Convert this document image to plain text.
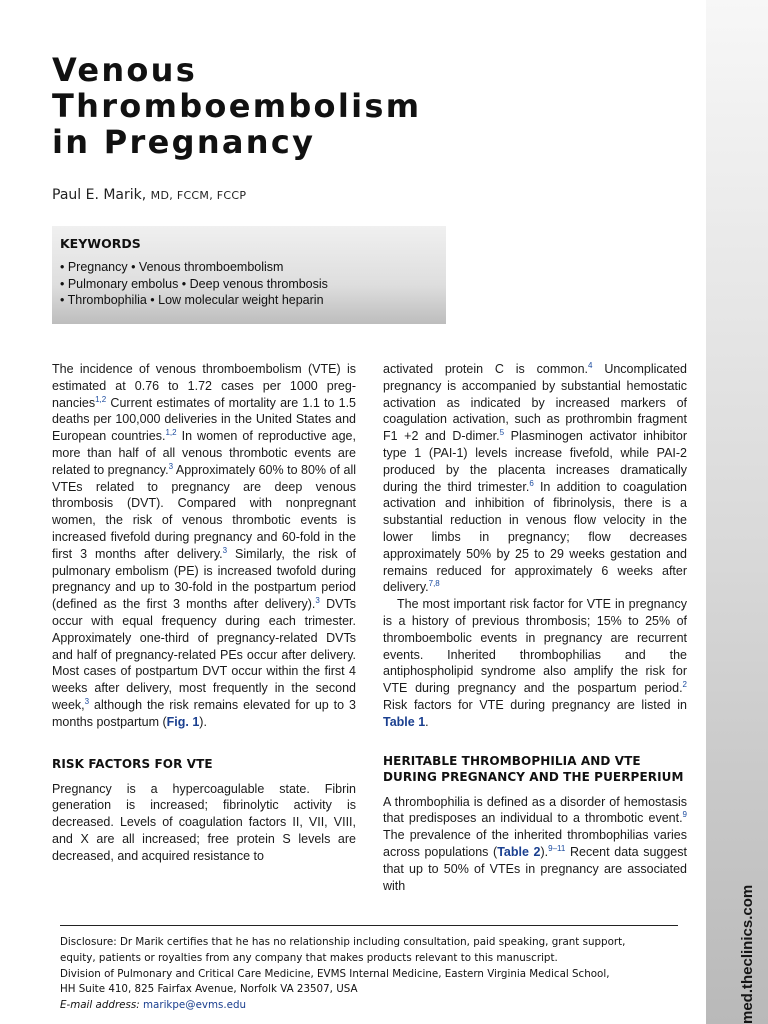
med.theclinics.com
Venous
Thromboembolism
in Pregnancy
Paul E. Marik, MD, FCCM, FCCP
KEYWORDS
• Pregnancy • Venous thromboembolism
• Pulmonary embolus • Deep venous thrombosis
• Thrombophilia • Low molecular weight heparin

The incidence of venous thromboembolism (VTE) is estimated at 0.76 to 1.72 cases per 1000 pregnancies$^{1,2}$ Current estimates of mortality are 1.1 to 1.5 deaths per 100,000 deliveries in the United States and European countries.$^{1,2}$ In women of reproductive age, more than half of all venous thrombotic events are related to pregnancy.$^3$ Approximately 60% to 80% of all VTEs related to pregnancy are deep venous thrombosis (DVT). Compared with nonpregnant women, the risk of venous thrombotic events is increased fivefold during pregnancy and 60-fold in the first 3 months after delivery.$^3$ Similarly, the risk of pulmonary embolism (PE) is increased twofold during pregnancy and up to 30-fold in the postpartum period (defined as the first 3 months after delivery).$^3$ DVTs occur with equal frequency during each trimester. Approximately one-third of pregnancy-related DVTs and half of pregnancy-related PEs occur after delivery. Most cases of postpartum DVT occur within the first 4 weeks after delivery, most frequently in the second week,$^3$ although the risk remains elevated for up to 3 months postpartum (Fig. 1).

RISK FACTORS FOR VTE

Pregnancy is a hypercoagulable state. Fibrin generation is increased; fibrinolytic activity is decreased. Levels of coagulation factors II, VII, VIII, and X are all increased; free protein S levels are decreased, and acquired resistance to

activated protein C is common.$^4$ Uncomplicated pregnancy is accompanied by substantial hemostatic activation as indicated by increased markers of coagulation activation, such as prothrombin fragment F1 +2 and D-dimer.$^5$ Plasminogen activator inhibitor type 1 (PAI-1) levels increase fivefold, while PAI-2 produced by the placenta increases dramatically during the third trimester.$^6$ In addition to coagulation activation and inhibition of fibrinolysis, there is a substantial reduction in venous flow velocity in the lower limbs in pregnancy; flow decreases approximately 50% by 25 to 29 weeks gestation and remains reduced for approximately 6 weeks after delivery.$^{7,8}$

The most important risk factor for VTE in pregnancy is a history of previous thrombosis; 15% to 25% of thromboembolic events in pregnancy are recurrent events. Inherited thrombophilias and the antiphospholipid syndrome also amplify the risk for VTE during pregnancy and the pospartum period.$^2$ Risk factors for VTE during pregnancy are listed in Table 1.

HERITABLE THROMBOPHILIA AND VTE DURING PREGNANCY AND THE PUERPERIUM

A thrombophilia is defined as a disorder of hemostasis that predisposes an individual to a thrombotic event.$^9$ The prevalence of the inherited thrombophilias varies across populations (Table 2).$^{9-11}$ Recent data suggest that up to 50% of VTEs in pregnancy are associated with

Disclosure: Dr Marik certifies that he has no relationship including consultation, paid speaking, grant support,
equity, patients or royalties from any company that makes products relevant to this manuscript.
Division of Pulmonary and Critical Care Medicine, EVMS Internal Medicine, Eastern Virginia Medical School,
HH Suite 410, 825 Fairfax Avenue, Norfolk VA 23507, USA
E-mail address: marikpe@evms.edu
